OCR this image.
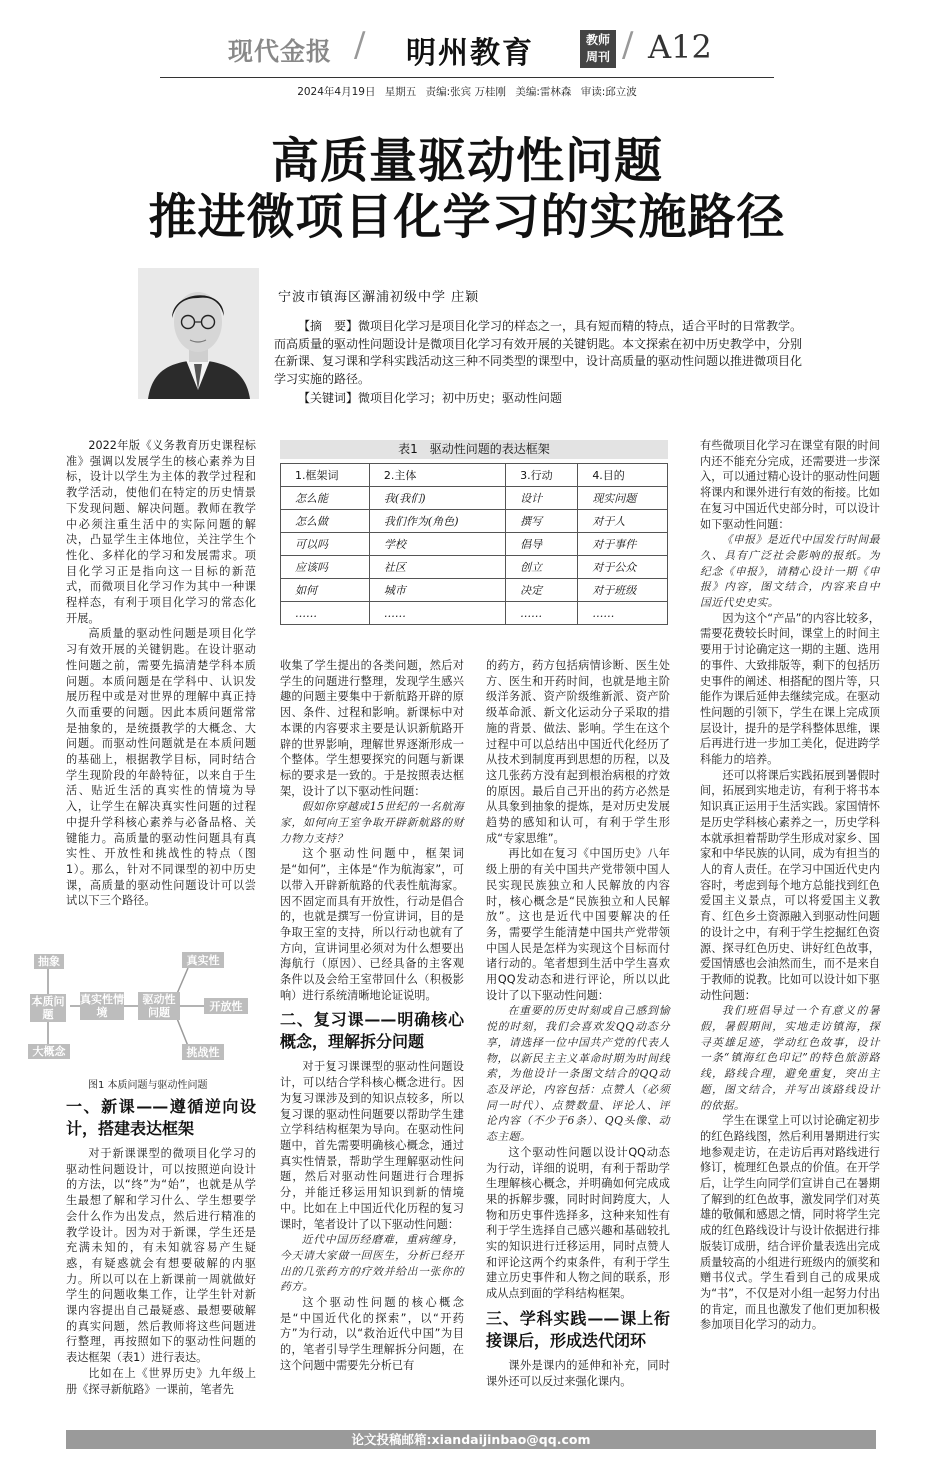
现代金报 / 明州教育	教师
周刊 / A12
2024年4月19日 星期五 责编:张宾 万桂刚 美编:雷林森 审读:邱立波
高质量驱动性问题
推进微项目化学习的实施路径
宁波市镇海区澥浦初级中学 庄颖
【摘　要】微项目化学习是项目化学习的样态之一，具有短而精的特点，适合平时的日常教学。而高质量的驱动性问题设计是微项目化学习有效开展的关键钥匙。本文探索在初中历史教学中，分别在新课、复习课和学科实践活动这三种不同类型的课型中，设计高质量的驱动性问题以推进微项目化学习实施的路径。
【关键词】微项目化学习；初中历史；驱动性问题

2022年版《义务教育历史课程标准》强调以发展学生的核心素养为目标，设计以学生为主体的教学过程和教学活动，使他们在特定的历史情景下发现问题、解决问题。教师在教学中必须注重生活中的实际问题的解决，凸显学生主体地位，关注学生个性化、多样化的学习和发展需求。项目化学习正是指向这一目标的新范式，而微项目化学习作为其中一种课程样态，有利于项目化学习的常态化开展。

高质量的驱动性问题是项目化学习有效开展的关键钥匙。在设计驱动性问题之前，需要先搞清楚学科本质问题。本质问题是在学科中、认识发展历程中或是对世界的理解中真正持久而重要的问题。因此本质问题常常是抽象的，是统摄教学的大概念、大问题。而驱动性问题就是在本质问题的基础上，根据教学目标，同时结合学生现阶段的年龄特征，以来自于生活、贴近生活的真实性的情境为导入，让学生在解决真实性问题的过程中提升学科核心素养与必备品格、关键能力。高质量的驱动性问题具有真实性、开放性和挑战性的特点（图1）。那么，针对不同课型的初中历史课，高质量的驱动性问题设计可以尝试以下三个路径。

抽象
本质问题
大概念
真实性情境
驱动性问题
真实性
开放性
挑战性
图1 本质问题与驱动性问题
一、新课——遵循逆向设计，搭建表达框架

对于新课课型的微项目化学习的驱动性问题设计，可以按照逆向设计的方法，以“终”为“始”，也就是从学生最想了解和学习什么、学生想要学会什么作为出发点，然后进行精准的教学设计。因为对于新课，学生还是充满未知的，有未知就容易产生疑惑，有疑惑就会有想要破解的内驱力。所以可以在上新课前一周就做好学生的问题收集工作，让学生针对新课内容提出自己最疑惑、最想要破解的真实问题，然后教师将这些问题进行整理，再按照如下的驱动性问题的表达框架（表1）进行表达。

比如在上《世界历史》九年级上册《探寻新航路》一课前，笔者先

表1　驱动性问题的表达框架
1.框架词	2.主体	3.行动	4.目的
怎么能	我(我们)	设计	现实问题
怎么做	我们作为(角色)	撰写	对于人
可以吗	学校	倡导	对于事件
应该吗	社区	创立	对于公众
如何	城市	决定	对于班级
……	……	……	……

收集了学生提出的各类问题，然后对学生的问题进行整理，发现学生感兴趣的问题主要集中于新航路开辟的原因、条件、过程和影响。新课标中对本课的内容要求主要是认识新航路开辟的世界影响，理解世界逐渐形成一个整体。学生想要探究的问题与新课标的要求是一致的。于是按照表达框架，设计了以下驱动性问题：

假如你穿越成15世纪的一名航海家，如何向王室争取开辟新航路的财力物力支持？

这个驱动性问题中，框架词是“如何”，主体是“作为航海家”，可以带入开辟新航路的代表性航海家。因不固定而具有开放性，行动是倡合的，也就是撰写一份宣讲词，目的是争取王室的支持，所以行动也就有了方向，宣讲词里必须对为什么想要出海航行（原因）、已经具备的主客观条件以及会给王室带回什么（积极影响）进行系统清晰地论证说明。

二、复习课——明确核心概念，理解拆分问题

对于复习课课型的驱动性问题设计，可以结合学科核心概念进行。因为复习课涉及到的知识点较多，所以复习课的驱动性问题要以帮助学生建立学科结构框架为导向。在驱动性问题中，首先需要明确核心概念，通过真实性情景，帮助学生理解驱动性问题，然后对驱动性问题进行合理拆分，并能迁移运用知识到新的情境中。比如在上中国近代化历程的复习课时，笔者设计了以下驱动性问题：

近代中国历经磨难，重病缠身，今天请大家做一回医生，分析已经开出的几张药方的疗效并给出一张你的药方。

这个驱动性问题的核心概念是“中国近代化的探索”，以“开药方”为行动，以“救治近代中国”为目的，笔者引导学生理解拆分问题，在这个问题中需要先分析已有

的药方，药方包括病情诊断、医生处方、医生和开药时间，也就是地主阶级洋务派、资产阶级维新派、资产阶级革命派、新文化运动分子采取的措施的背景、做法、影响。学生在这个过程中可以总结出中国近代化经历了从技术到制度再到思想的历程，以及这几张药方没有起到根治病根的疗效的原因。最后自己开出的药方必然是从具象到抽象的提炼，是对历史发展趋势的感知和认可，有利于学生形成“专家思维”。

再比如在复习《中国历史》八年级上册的有关中国共产党带领中国人民实现民族独立和人民解放的内容时，核心概念是“民族独立和人民解放”。这也是近代中国要解决的任务，需要学生能清楚中国共产党带领中国人民是怎样为实现这个目标而付诸行动的。笔者想到生活中学生喜欢用QQ发动态和进行评论，所以以此设计了以下驱动性问题：

在重要的历史时刻或自己感到愉悦的时刻，我们会喜欢发QQ动态分享，请选择一位中国共产党的代表人物，以新民主主义革命时期为时间线索，为他设计一条图文结合的QQ动态及评论，内容包括：点赞人（必须同一时代）、点赞数量、评论人、评论内容（不少于6条）、QQ头像、动态主题。

这个驱动性问题以设计QQ动态为行动，详细的说明，有利于帮助学生理解核心概念，并明确如何完成成果的拆解步骤，同时时间跨度大，人物和历史事件选择多，这种来知性有利于学生选择自己感兴趣和基础较扎实的知识进行迁移运用，同时点赞人和评论这两个约束条件，有利于学生建立历史事件和人物之间的联系，形成从点到面的学科结构框架。

三、学科实践——课上衔接课后，形成迭代闭环

课外是课内的延伸和补充，同时课外还可以反过来强化课内。

有些微项目化学习在课堂有限的时间内还不能充分完成，还需要进一步深入，可以通过精心设计的驱动性问题将课内和课外进行有效的衔接。比如在复习中国近代史部分时，可以设计如下驱动性问题：

《申报》是近代中国发行时间最久、具有广泛社会影响的报纸。为纪念《申报》，请精心设计一期《申报》内容，图文结合，内容来自中国近代史史实。

因为这个“产品”的内容比较多，需要花费较长时间，课堂上的时间主要用于讨论确定这一期的主题、选用的事件、大致排版等，剩下的包括历史事件的阐述、相搭配的图片等，只能作为课后延伸去继续完成。在驱动性问题的引领下，学生在课上完成顶层设计，提升的是学科整体思维，课后再进行进一步加工美化，促进跨学科能力的培养。

还可以将课后实践拓展到暑假时间，拓展到实地走访，有利于将书本知识真正运用于生活实践。家国情怀是历史学科核心素养之一，历史学科本就承担着帮助学生形成对家乡、国家和中华民族的认同，成为有担当的人的育人责任。在学习中国近代史内容时，考虑到每个地方总能找到红色爱国主义景点，可以将爱国主义教育、红色乡土资源融入到驱动性问题的设计之中，有利于学生挖掘红色资源、探寻红色历史、讲好红色故事，爱国情感也会油然而生，而不是来自于教师的说教。比如可以设计如下驱动性问题：

我们班倡导过一个有意义的暑假，暑假期间，实地走访镇海，探寻英雄足迹，学动红色故事，设计一条“镇海红色印记”的特色旅游路线，路线合理，避免重复，突出主题，图文结合，并写出该路线设计的依据。

学生在课堂上可以讨论确定初步的红色路线图，然后利用暑期进行实地参观走访，在走访后再对路线进行修订，梳理红色景点的价值。在开学后，让学生向同学们宣讲自己在暑期了解到的红色故事，激发同学们对英雄的敬佩和感恩之情，同时将学生完成的红色路线设计与设计依据进行排版装订成册，结合评价量表选出完成质量较高的小组进行班级内的颁奖和赠书仪式。学生看到自己的成果成为“书”，不仅是对小组一起努力付出的肯定，而且也激发了他们更加积极参加项目化学习的动力。

论文投稿邮箱:xiandaijinbao@qq.com
